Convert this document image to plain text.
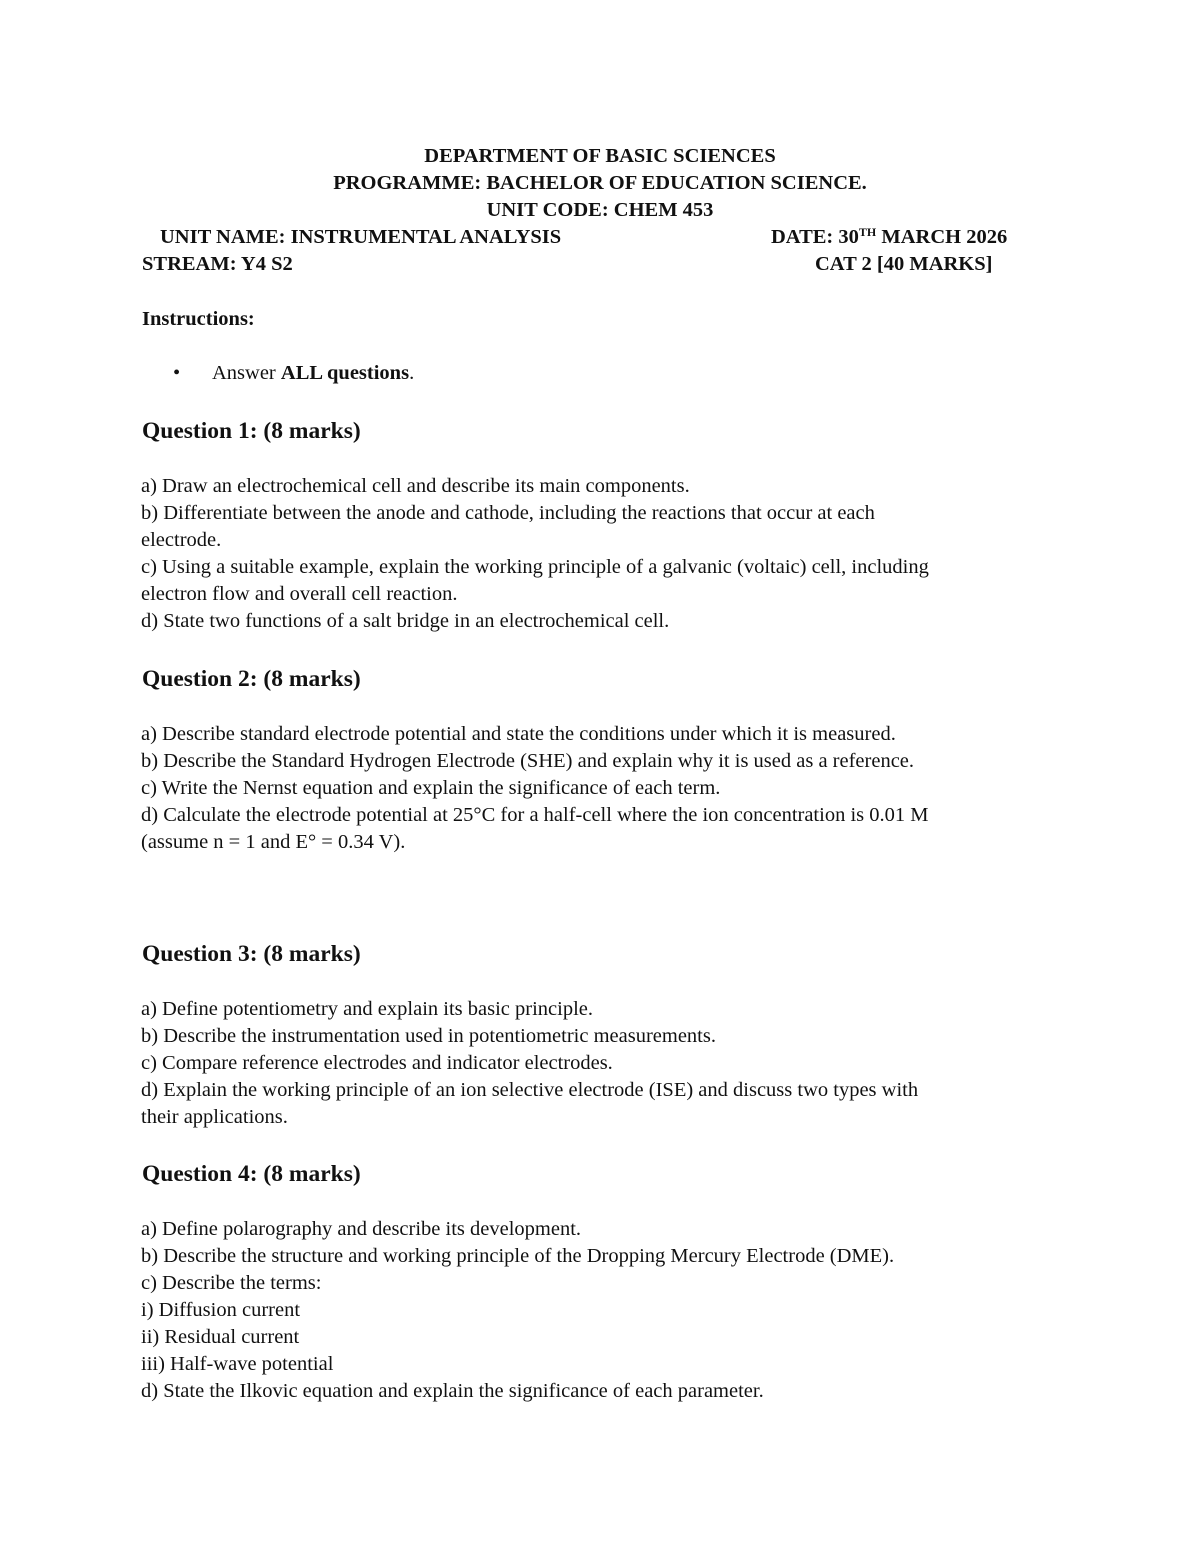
DEPARTMENT OF BASIC SCIENCES
PROGRAMME: BACHELOR OF EDUCATION SCIENCE.
UNIT CODE: CHEM 453
UNIT NAME: INSTRUMENTAL ANALYSIS	DATE: 30TH MARCH 2026
STREAM: Y4 S2	CAT 2 [40 MARKS]
Instructions:
• Answer ALL questions.
Question 1: (8 marks)
a) Draw an electrochemical cell and describe its main components.
b) Differentiate between the anode and cathode, including the reactions that occur at each
electrode.
c) Using a suitable example, explain the working principle of a galvanic (voltaic) cell, including
electron flow and overall cell reaction.
d) State two functions of a salt bridge in an electrochemical cell.
Question 2: (8 marks)
a) Describe standard electrode potential and state the conditions under which it is measured.
b) Describe the Standard Hydrogen Electrode (SHE) and explain why it is used as a reference.
c) Write the Nernst equation and explain the significance of each term.
d) Calculate the electrode potential at 25°C for a half-cell where the ion concentration is 0.01 M
(assume n = 1 and E° = 0.34 V).
Question 3: (8 marks)
a) Define potentiometry and explain its basic principle.
b) Describe the instrumentation used in potentiometric measurements.
c) Compare reference electrodes and indicator electrodes.
d) Explain the working principle of an ion selective electrode (ISE) and discuss two types with
their applications.
Question 4: (8 marks)
a) Define polarography and describe its development.
b) Describe the structure and working principle of the Dropping Mercury Electrode (DME).
c) Describe the terms:
i) Diffusion current
ii) Residual current
iii) Half-wave potential
d) State the Ilkovic equation and explain the significance of each parameter.
